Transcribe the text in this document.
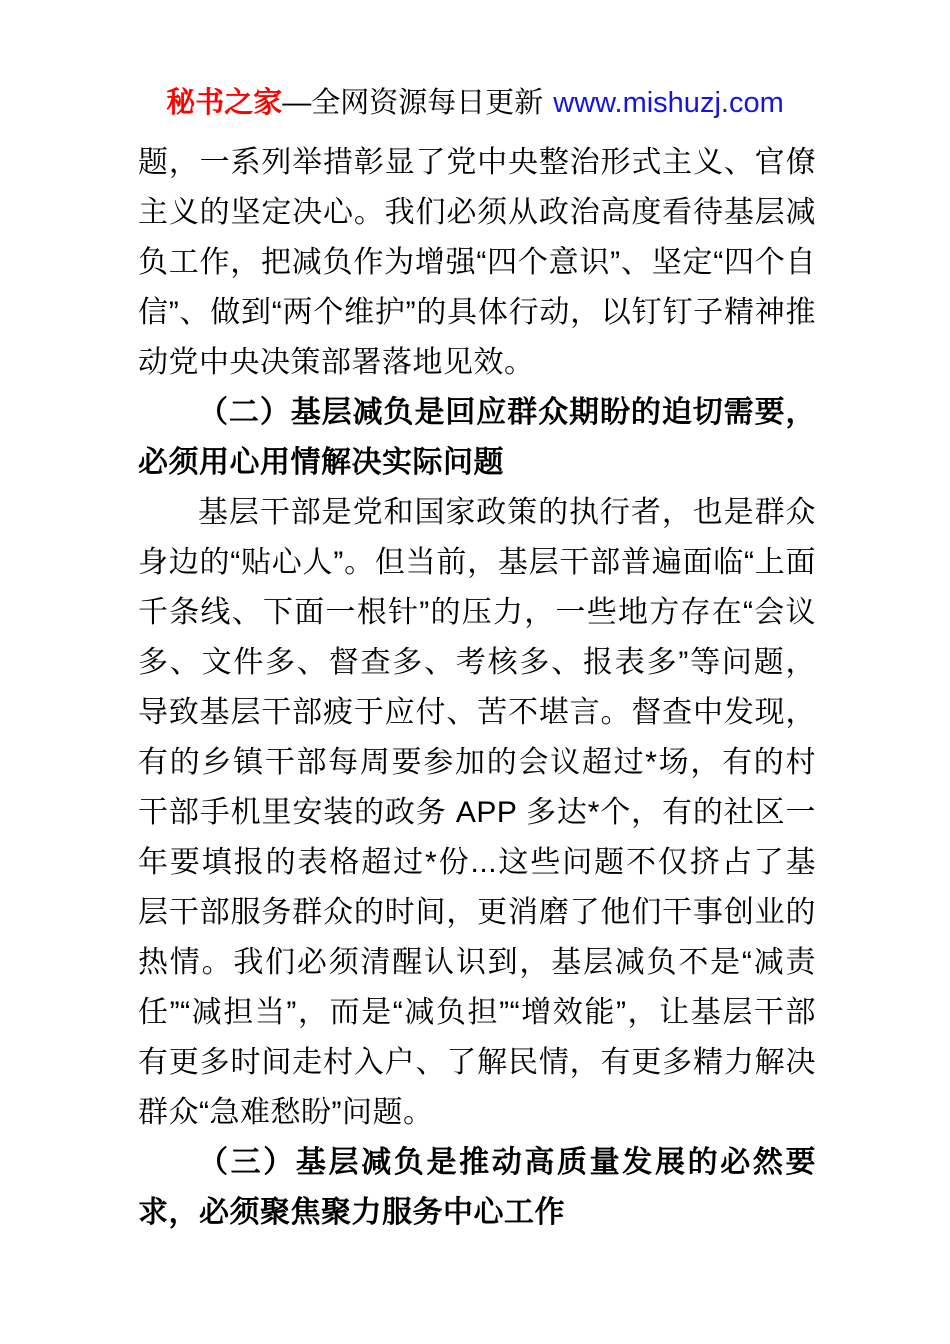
秘书之家—全网资源每日更新 www.mishuzj.com

题，一系列举措彰显了党中央整治形式主义、官僚主义的坚定决心。我们必须从政治高度看待基层减负工作，把减负作为增强“四个意识”、坚定“四个自信”、做到“两个维护”的具体行动，以钉钉子精神推动党中央决策部署落地见效。

（二）基层减负是回应群众期盼的迫切需要，必须用心用情解决实际问题

基层干部是党和国家政策的执行者，也是群众身边的“贴心人”。但当前，基层干部普遍面临“上面千条线、下面一根针”的压力，一些地方存在“会议多、文件多、督查多、考核多、报表多”等问题，导致基层干部疲于应付、苦不堪言。督查中发现，有的乡镇干部每周要参加的会议超过*场，有的村干部手机里安装的政务 APP 多达*个，有的社区一年要填报的表格超过*份...这些问题不仅挤占了基层干部服务群众的时间，更消磨了他们干事创业的热情。我们必须清醒认识到，基层减负不是“减责任”“减担当”，而是“减负担”“增效能”，让基层干部有更多时间走村入户、了解民情，有更多精力解决群众“急难愁盼”问题。

（三）基层减负是推动高质量发展的必然要求，必须聚焦聚力服务中心工作
